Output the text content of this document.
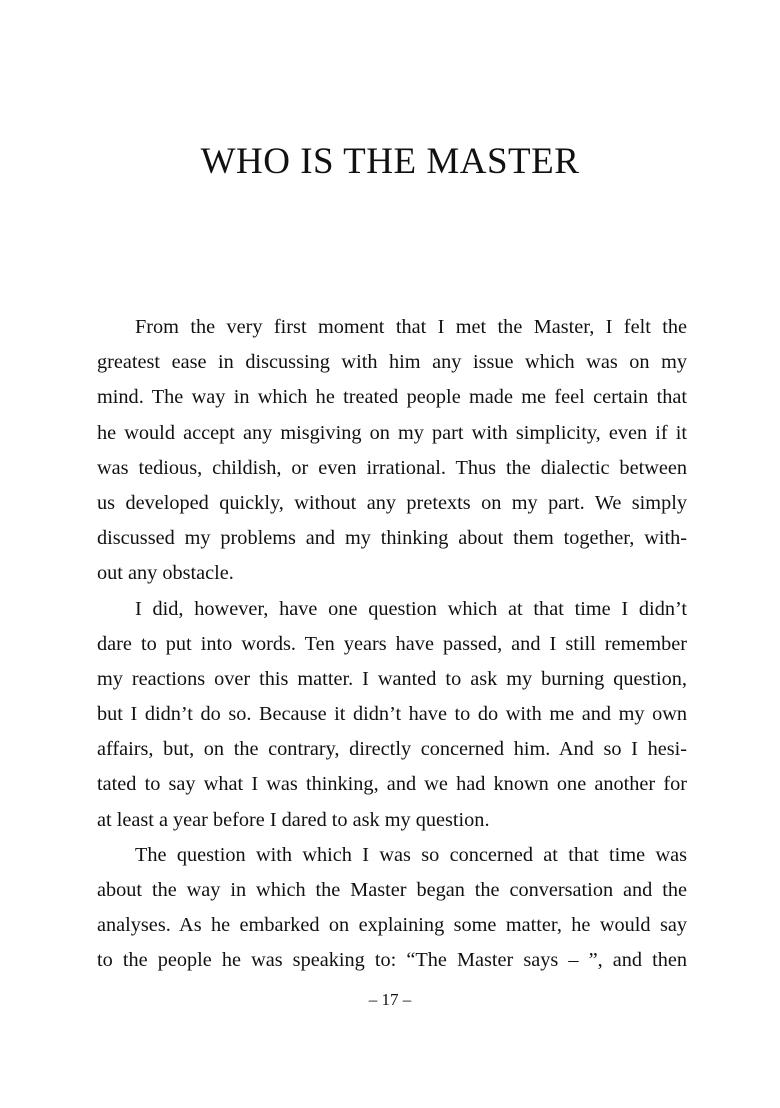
WHO IS THE MASTER
From the very first moment that I met the Master, I felt the
greatest ease in discussing with him any issue which was on my
mind. The way in which he treated people made me feel certain that
he would accept any misgiving on my part with simplicity, even if it
was tedious, childish, or even irrational. Thus the dialectic between
us developed quickly, without any pretexts on my part. We simply
discussed my problems and my thinking about them together, with-
out any obstacle.
I did, however, have one question which at that time I didn’t
dare to put into words. Ten years have passed, and I still remember
my reactions over this matter. I wanted to ask my burning question,
but I didn’t do so. Because it didn’t have to do with me and my own
affairs, but, on the contrary, directly concerned him. And so I hesi-
tated to say what I was thinking, and we had known one another for
at least a year before I dared to ask my question.
The question with which I was so concerned at that time was
about the way in which the Master began the conversation and the
analyses. As he embarked on explaining some matter, he would say
to the people he was speaking to: “The Master says – ”, and then
– 17 –
